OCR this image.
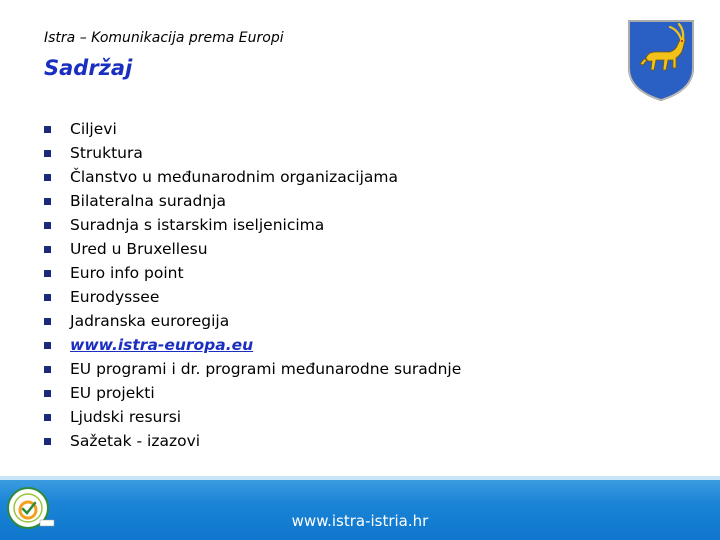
Istra – Komunikacija prema Europi
Sadržaj
Ciljevi
Struktura
Članstvo u međunarodnim organizacijama
Bilateralna suradnja
Suradnja s istarskim iseljenicima
Ured u Bruxellesu
Euro info point
Eurodyssee
Jadranska euroregija
www.istra-europa.eu
EU programi i dr. programi međunarodne suradnje
EU projekti
Ljudski resursi
Sažetak - izazovi
www.istra-istria.hr
